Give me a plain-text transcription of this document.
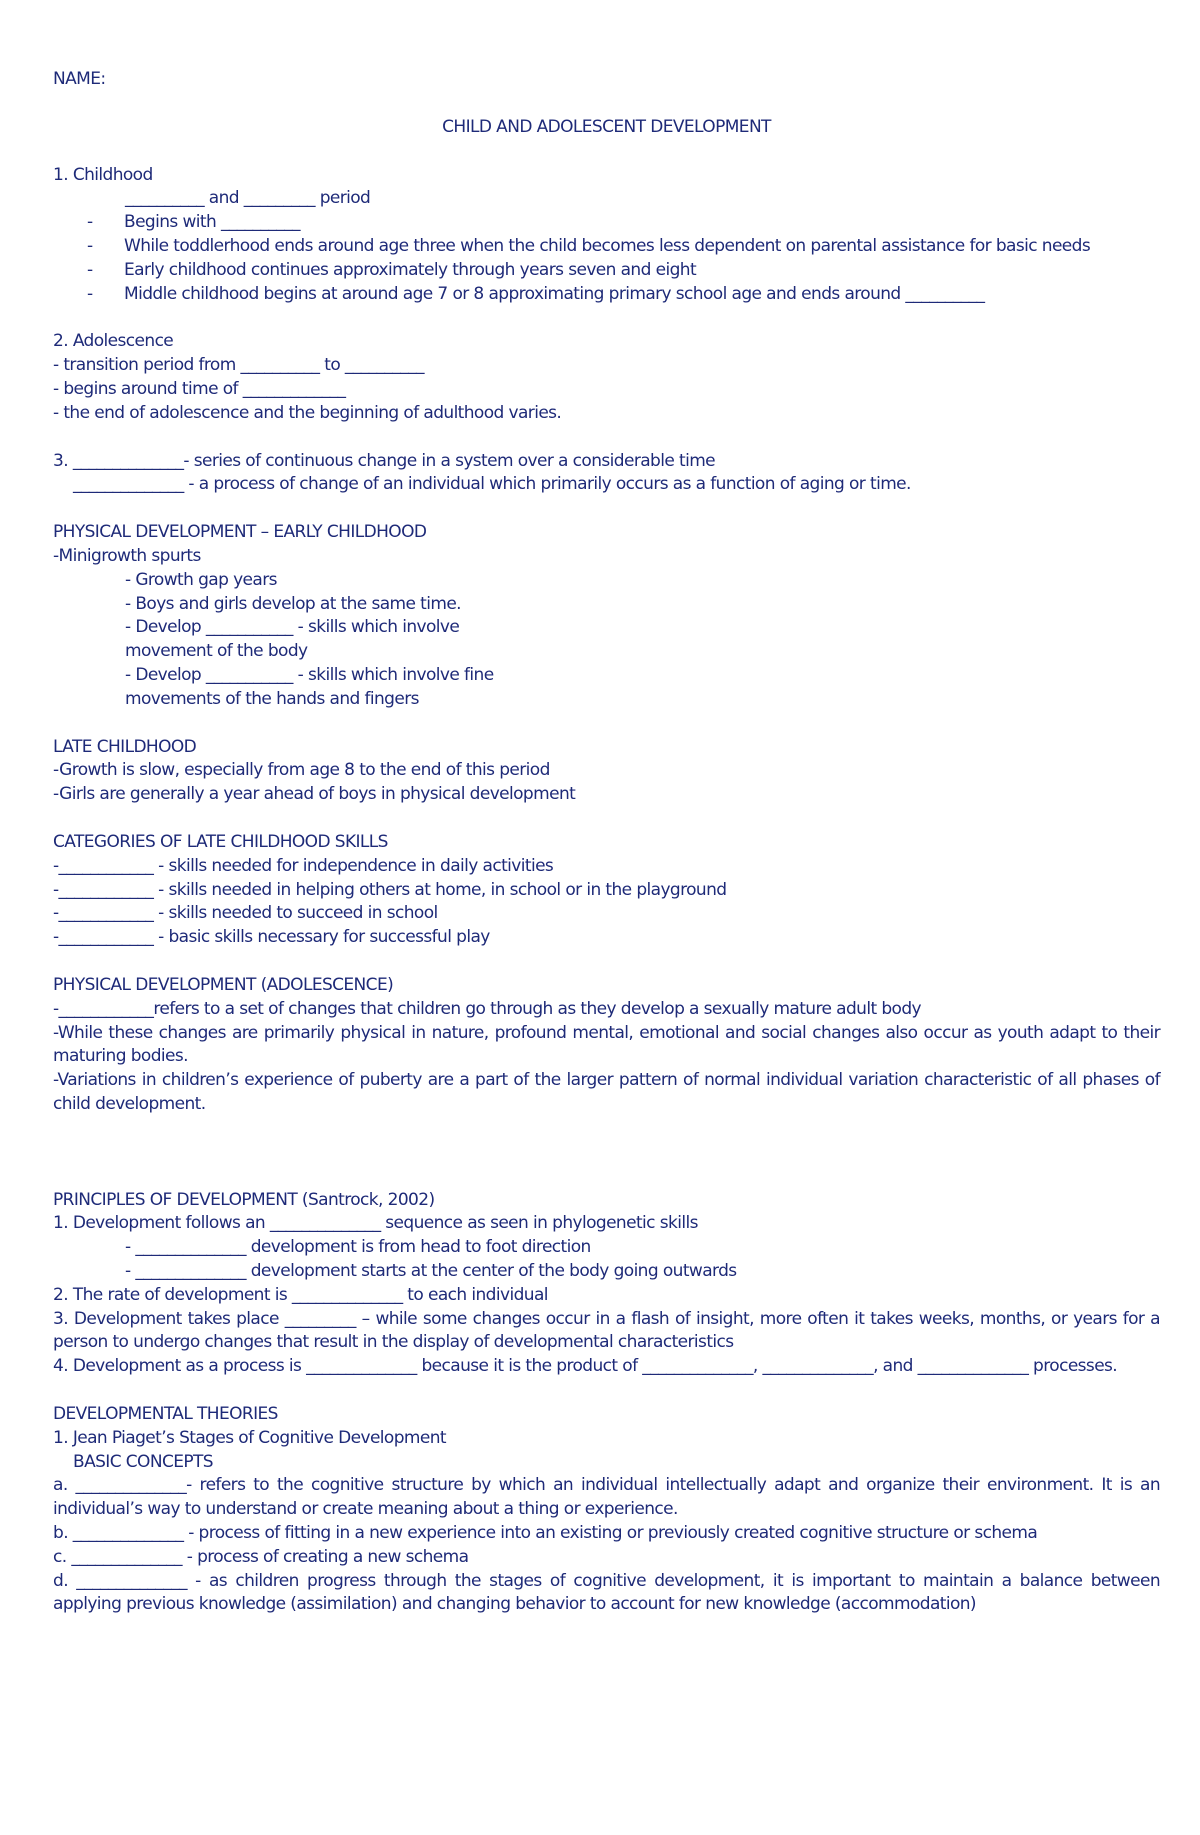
NAME:
CHILD AND ADOLESCENT DEVELOPMENT
1. Childhood
__________ and _________ period
-	Begins with __________
-	While toddlerhood ends around age three when the child becomes less dependent on parental assistance for basic needs
-	Early childhood continues approximately through years seven and eight
-	Middle childhood begins at around age 7 or 8 approximating primary school age and ends around __________
2. Adolescence
- transition period from __________ to __________
- begins around time of _____________
- the end of adolescence and the beginning of adulthood varies.
3. ______________- series of continuous change in a system over a considerable time
______________ - a process of change of an individual which primarily occurs as a function of aging or time.
PHYSICAL DEVELOPMENT – EARLY CHILDHOOD
-Minigrowth spurts
- Growth gap years
- Boys and girls develop at the same time.
- Develop ___________ - skills which involve
movement of the body
- Develop ___________ - skills which involve fine
movements of the hands and fingers
LATE CHILDHOOD
-Growth is slow, especially from age 8 to the end of this period
-Girls are generally a year ahead of boys in physical development
CATEGORIES OF LATE CHILDHOOD SKILLS
-____________ - skills needed for independence in daily activities
-____________ - skills needed in helping others at home, in school or in the playground
-____________ - skills needed to succeed in school
-____________ - basic skills necessary for successful play
PHYSICAL DEVELOPMENT (ADOLESCENCE)
-____________refers to a set of changes that children go through as they develop a sexually mature adult body
-While these changes are primarily physical in nature, profound mental, emotional and social changes also occur as youth adapt to their maturing bodies.
-Variations in children’s experience of puberty are a part of the larger pattern of normal individual variation characteristic of all phases of child development.
PRINCIPLES OF DEVELOPMENT (Santrock, 2002)
1. Development follows an ______________ sequence as seen in phylogenetic skills
- ______________ development is from head to foot direction
- ______________ development starts at the center of the body going outwards
2. The rate of development is ______________ to each individual
3. Development takes place _________ – while some changes occur in a flash of insight, more often it takes weeks, months, or years for a person to undergo changes that result in the display of developmental characteristics
4. Development as a process is ______________ because it is the product of ______________, ______________, and ______________ processes.
DEVELOPMENTAL THEORIES
1. Jean Piaget’s Stages of Cognitive Development
BASIC CONCEPTS
a. ______________- refers to the cognitive structure by which an individual intellectually adapt and organize their environment. It is an individual’s way to understand or create meaning about a thing or experience.
b. ______________ - process of fitting in a new experience into an existing or previously created cognitive structure or schema
c. ______________ - process of creating a new schema
d. ______________ - as children progress through the stages of cognitive development, it is important to maintain a balance between applying previous knowledge (assimilation) and changing behavior to account for new knowledge (accommodation)
